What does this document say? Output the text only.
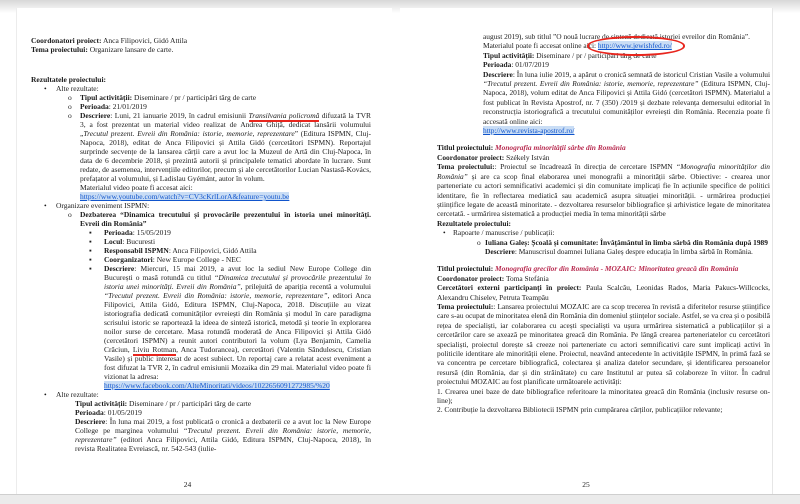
Coordonatori proiect: Anca Filipovici, Gidó Attila
Tema proiectului: Organizare lansare de carte.
Rezultatele proiectului:
•	Alte rezultate:
o	Tipul activității: Diseminare / pr / participări târg de carte
o	Perioada: 21/01/2019
o	Descriere: Luni, 21 ianuarie 2019, în cadrul emisiunii Transilvania policromă difuzată la TVR 3, a fost prezentat un material video realizat de Andrea Ghiță, dedicat lansării volumului „Trecutul prezent. Evreii din România: istorie, memorie, reprezentare” (Editura ISPMN, Cluj-Napoca, 2018), editat de Anca Filipovici și Attila Gidó (cercetători ISPMN). Reportajul surprinde secvențe de la lansarea cărții care a avut loc la Muzeul de Artă din Cluj-Napoca, în data de 6 decembrie 2018, și prezintă autorii și principalele tematici abordate în lucrare. Sunt redate, de asemenea, intervențiile editorilor, precum și ale cercetătorilor Lucian Nastasă-Kovács, prefațator al volumului, și Ladislau Gyémánt, autor în volum.
Materialul video poate fi accesat aici:
https://www.youtube.com/watch?v=CV3cKrlLorA&feature=youtu.be
•	Organizare eveniment ISPMN:
o	Dezbaterea “Dinamica trecutului și provocările prezentului în istoria unei minorități. Evreii din România”
▪	Perioada: 15/05/2019
▪	Locul: Bucuresti
▪	Responsabil ISPMN: Anca Filipovici, Gidó Attila
▪	Coorganizatori: New Europe College - NEC
▪	Descriere: Miercuri, 15 mai 2019, a avut loc la sediul New Europe College din București o masă rotundă cu titlul “Dinamica trecutului și provocările prezentului în istoria unei minorități. Evreii din România”, prilejuită de apariția recentă a volumului “Trecutul prezent. Evreii din România: istorie, memorie, reprezentare”, editori Anca Filipovici, Attila Gidó, Editura ISPMN, Cluj-Napoca, 2018. Discuțiile au vizat istoriografia dedicată comunităților evreiești din România și modul în care paradigma scrisului istoric se raportează la ideea de sinteză istorică, metodă și teorie în explorarea noilor surse de cercetare. Masa rotundă moderată de Anca Filipovici și Attila Gidó (cercetători ISPMN) a reunit autori contributori la volum (Lya Benjamin, Camelia Crăciun, Liviu Rotman, Anca Tudorancea), cercetători (Valentin Săndulescu, Cristian Vasile) și public interesat de acest subiect. Un reportaj care a relatat acest eveniment a fost difuzat la TVR 2, în cadrul emisiunii Mozaika din 29 mai. Materialul video poate fi vizionat la adresa:
https://www.facebook.com/AlteMinoritati/videos/1022656091272985/%20
•	Alte rezultate:
Tipul activității: Diseminare / pr / participări târg de carte
Perioada: 01/05/2019
Descriere: În luna mai 2019, a fost publicată o cronică a dezbaterii ce a avut loc la New Europe College pe marginea volumului “Trecutul prezent. Evreii din România: istorie, memorie, reprezentare” (editori Anca Filipovici, Attila Gidó, Editura ISPMN, Cluj-Napoca, 2018), în revista Realitatea Evreiască, nr. 542-543 (iulie-
24
august 2019), sub titlul ”O nouă lucrare de sinteză dedicată istoriei evreilor din România”.
Materialul poate fi accesat online aici: http://www.jewishfed.ro/
Tipul activității: Diseminare / pr / participări târg de carte
Perioada: 01/07/2019
Descriere: În luna iulie 2019, a apărut o cronică semnată de istoricul Cristian Vasile a volumului “Trecutul prezent. Evreii din România: istorie, memorie, reprezentare” (Editura ISPMN, Cluj-Napoca, 2018), volum editat de Anca Filipovici și Attila Gidó (cercetători ISPMN). Materialul a fost publicat în Revista Apostrof, nr. 7 (350) /2019 și dezbate relevanța demersului editorial în reconstrucția istoriografică a trecutului comunităților evreiești din România. Recenzia poate fi accesată online aici:
http://www.revista-apostrof.ro/
Titlul proiectului: Monografia minorității sârbe din România
Coordonator proiect: Székely István
Tema proiectului:: Proiectul se încadrează în direcția de cercetare ISPMN “Monografia minorităților din România” și are ca scop final elaborarea unei monografii a minorității sârbe. Obiective: - crearea unor parteneriate cu actori semnificativi academici și din comunitate implicați fie în acțiunile specifice de politici identitare, fie în reflectarea mediatică sau academică asupra situației minorității. - urmărirea producției științifice legate de această minoritate. - dezvoltarea resurselor bibliografice și arhivistice legate de minoritatea cercetată. - urmărirea sistematică a producției media în tema minorității sârbe
Rezultatele proiectului:
•	Rapoarte / manuscrise / publicații:
o Iuliana Galeș: Școală și comunitate: Învățământul în limba sârbă din România după 1989
Descriere: Manuscrisul doamnei Iuliana Galeș despre educația în limba sârbă în România.
Titlul proiectului: Monografia grecilor din România - MOZAIC: Minoritatea greacă din România
Coordonator proiect: Toma Stefánia
Cercetători externi participanți în proiect: Paula Scalcău, Leonidas Rados, Maria Pakucs-Willcocks, Alexandru Chiselev, Petruta Teampău
Tema proiectului:: Lansarea proiectului MOZAIC are ca scop trecerea în revistă a diferitelor resurse științifice care s-au ocupat de minoritatea elenă din România din domeniul științelor sociale. Astfel, se va crea și o posibilă rețea de specialiști, iar colaborarea cu acești specialiști va ușura urmărirea sistematică a publicațiilor și a cercetărilor care se axează pe minoritatea greacă din România. Pe lângă crearea parteneriatelor cu cercetători specialiști, proiectul dorește să creeze noi parteneriate cu actori semnificativi care sunt implicați activi în politicile identitare ale minorității elene. Proiectul, neavând antecedente în activitățile ISPMN, în primă fază se va concentra pe cercetare bibliografică, colectarea și analiza datelor secundare, și identificarea persoanelor resursă (din România, dar și din străinătate) cu care Institutul ar putea să colaboreze în viitor. În cadrul proiectului MOZAIC au fost planificate următoarele activități:
1. Crearea unei baze de date bibliografice referitoare la minoritatea greacă din România (inclusiv resurse on-line);
2. Contribuție la dezvoltarea Bibliotecii ISPMN prin cumpărarea cărților, publicațiilor relevante;
25
